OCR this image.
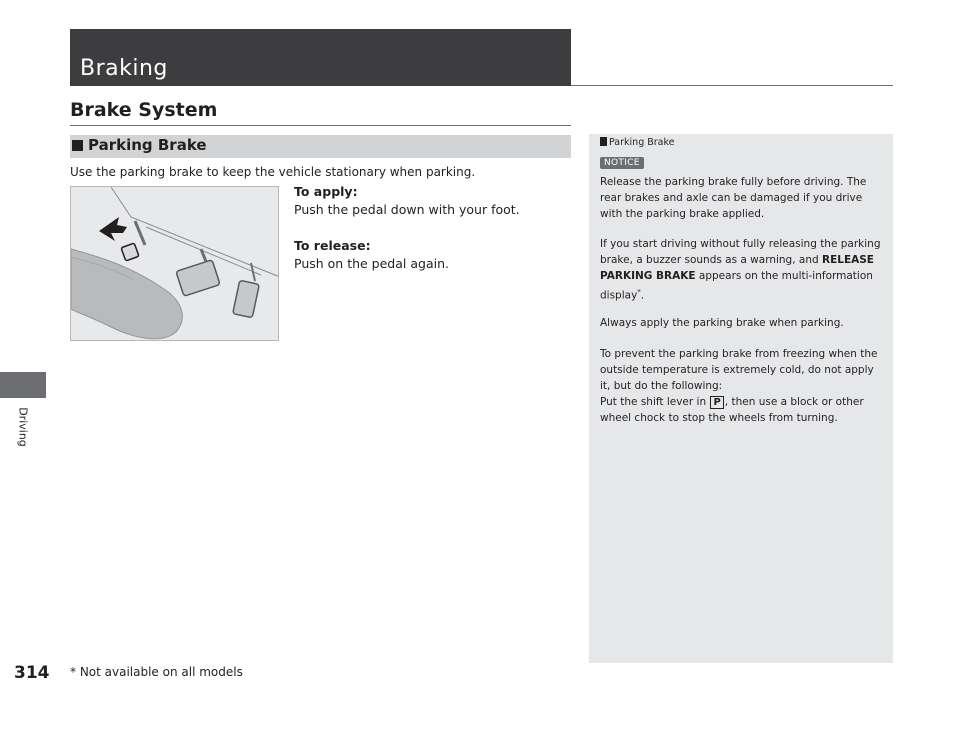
Driving
314
Braking
Brake System
Parking Brake
Use the parking brake to keep the vehicle stationary when parking.
To apply:
Push the pedal down with your foot.
To release:
Push on the pedal again.
Parking Brake
NOTICE
Release the parking brake fully before driving. The
rear brakes and axle can be damaged if you drive
with the parking brake applied.
If you start driving without fully releasing the parking
brake, a buzzer sounds as a warning, and RELEASE
PARKING BRAKE appears on the multi-information
display*.
Always apply the parking brake when parking.
To prevent the parking brake from freezing when the
outside temperature is extremely cold, do not apply
it, but do the following:
Put the shift lever in P , then use a block or other
wheel chock to stop the wheels from turning.
* Not available on all models
